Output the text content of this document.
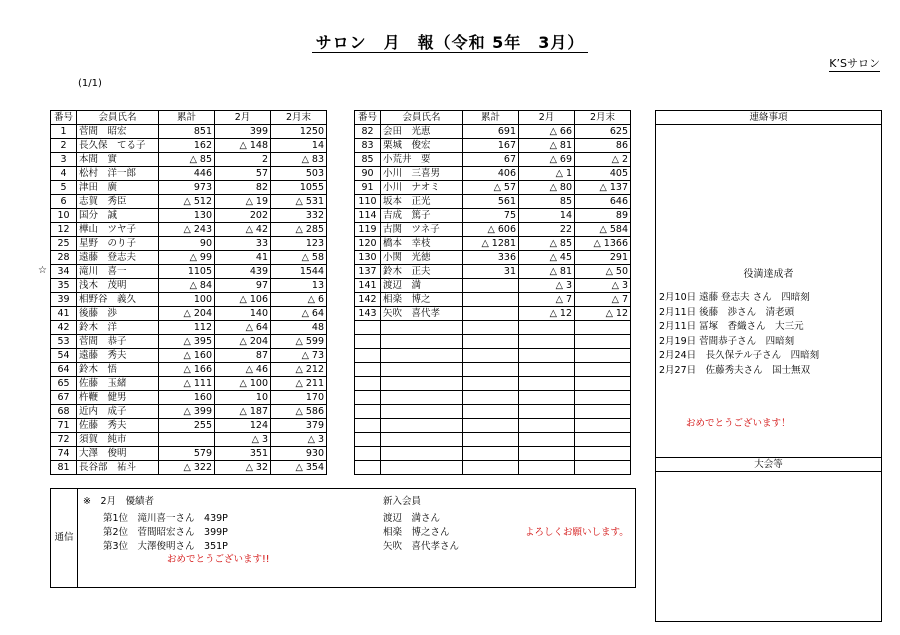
サロン　月　報（令和 5年　3月）
K’Sサロン
(1/1)
☆
番号	会員氏名	累計	2月	2月末
1	菅間　昭宏	851	399	1250
2	長久保　てる子	162	△ 148	14
3	本間　實	△ 85	2	△ 83
4	松村　洋一郎	446	57	503
5	津田　廣	973	82	1055
6	志賀　秀臣	△ 512	△ 19	△ 531
10	国分　誠	130	202	332
12	樺山　ツヤ子	△ 243	△ 42	△ 285
25	星野　のり子	90	33	123
28	遠藤　登志夫	△ 99	41	△ 58
34	滝川　喜一	1105	439	1544
35	浅木　茂明	△ 84	97	13
39	相野谷　義久	100	△ 106	△ 6
41	後藤　渉	△ 204	140	△ 64
42	鈴木　洋	112	△ 64	48
53	菅間　恭子	△ 395	△ 204	△ 599
54	遠藤　秀夫	△ 160	87	△ 73
64	鈴木　悟	△ 166	△ 46	△ 212
65	佐藤　玉緒	△ 111	△ 100	△ 211
67	杵鞭　健男	160	10	170
68	近内　成子	△ 399	△ 187	△ 586
71	佐藤　秀夫	255	124	379
72	須賀　純市		△ 3	△ 3
74	大澤　俊明	579	351	930
81	長谷部　祐斗	△ 322	△ 32	△ 354
番号	会員氏名	累計	2月	2月末
82	会田　光恵	691	△ 66	625
83	栗城　俊宏	167	△ 81	86
85	小荒井　要	67	△ 69	△ 2
90	小川　三喜男	406	△ 1	405
91	小川　ナオミ	△ 57	△ 80	△ 137
110	坂本　正光	561	85	646
114	吉成　篤子	75	14	89
119	古関　ツネ子	△ 606	22	△ 584
120	橋本　幸枝	△ 1281	△ 85	△ 1366
130	小関　光徳	336	△ 45	291
137	鈴木　正夫	31	△ 81	△ 50
141	渡辺　満		△ 3	△ 3
142	相楽　博之		△ 7	△ 7
143	矢吹　喜代孝		△ 12	△ 12

連絡事項
役満達成者
2月10日 遠藤 登志夫 さん　四暗刻
2月11日 後藤　渉さん　清老頭
2月11日 冨塚　香織さん　大三元
2月19日 菅間恭子さん　四暗刻
2月24日　長久保テル子さん　四暗刻
2月27日　佐藤秀夫さん　国士無双
おめでとうございます！
大会等
通信
※　2月　優績者
第1位　滝川喜一さん　439P
第2位　菅間昭宏さん　399P
第3位　大澤俊明さん　351P
おめでとうございます!!
新入会員
渡辺　満さん
相楽　博之さん
矢吹　喜代孝さん
よろしくお願いします。
